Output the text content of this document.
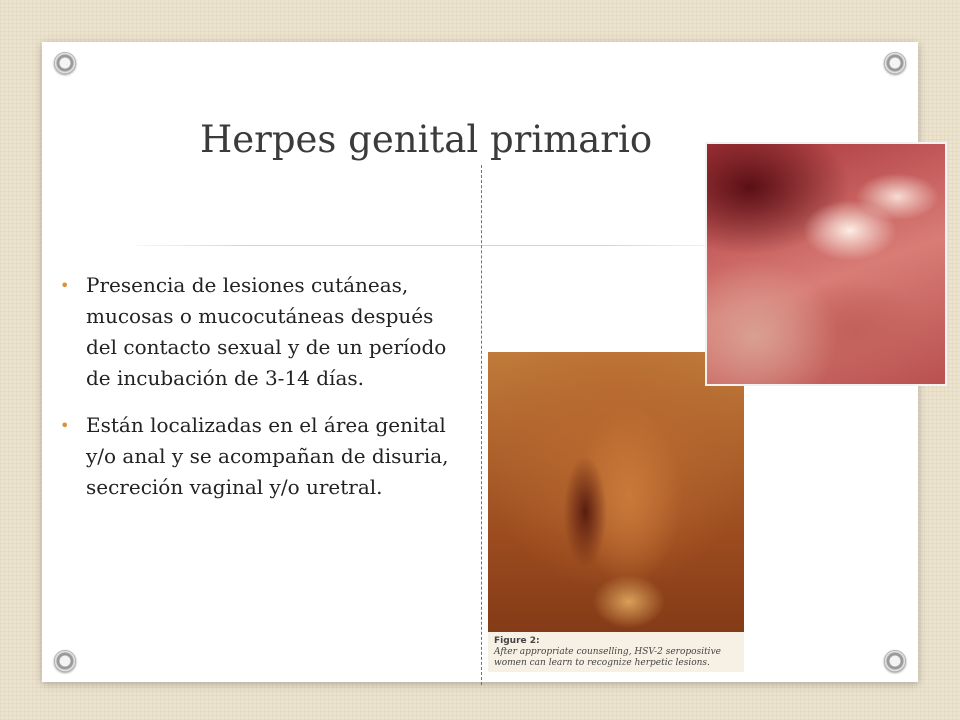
Herpes genital primario
• Presencia de lesiones cutáneas, mucosas o mucocutáneas después del contacto sexual y de un período de incubación de 3-14 días.
• Están localizadas en el área genital y/o anal y se acompañan de disuria, secreción vaginal y/o uretral.
Figure 2:
After appropriate counselling, HSV-2 seropositive women can learn to recognize herpetic lesions.
